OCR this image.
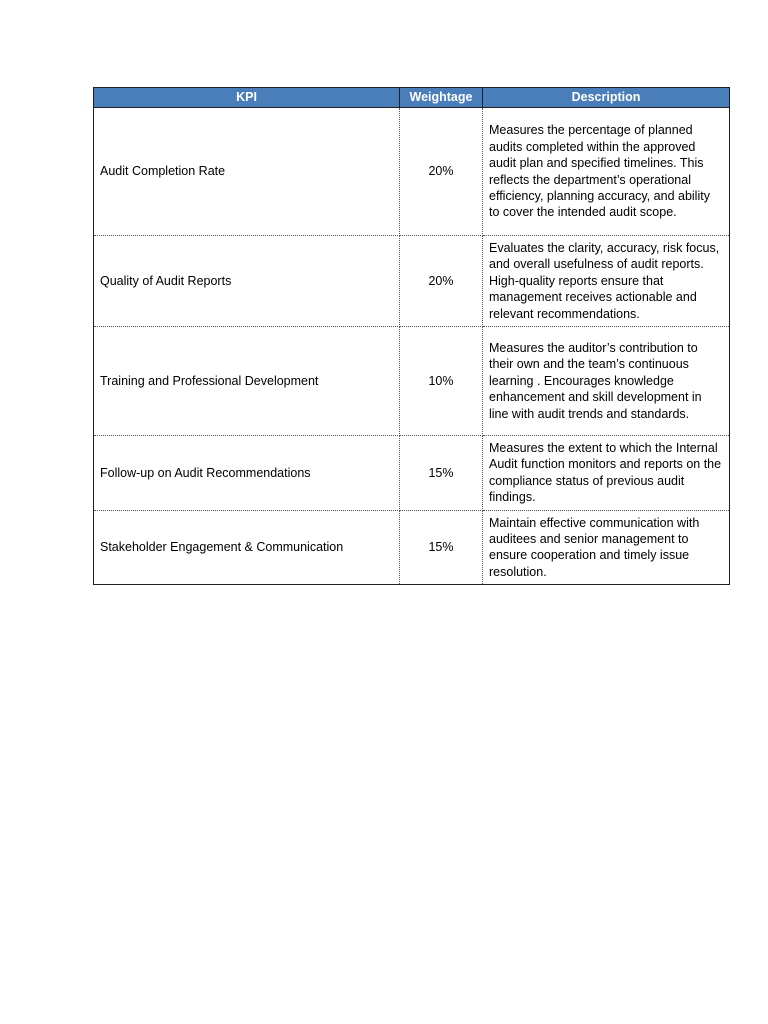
KPI	Weightage	Description
Audit Completion Rate	20%	Measures the percentage of planned audits completed within the approved audit plan and specified timelines. This reflects the department’s operational efficiency, planning accuracy, and ability to cover the intended audit scope.
Quality of Audit Reports	20%	Evaluates the clarity, accuracy, risk focus, and overall usefulness of audit reports. High-quality reports ensure that management receives actionable and relevant recommendations.
Training and Professional Development	10%	Measures the auditor’s contribution to their own and the team’s continuous learning . Encourages knowledge enhancement and skill development in line with audit trends and standards.
Follow-up on Audit Recommendations	15%	Measures the extent to which the Internal Audit function monitors and reports on the compliance status of previous audit findings.
Stakeholder Engagement & Communication	15%	Maintain effective communication with auditees and senior management to ensure cooperation and timely issue resolution.
